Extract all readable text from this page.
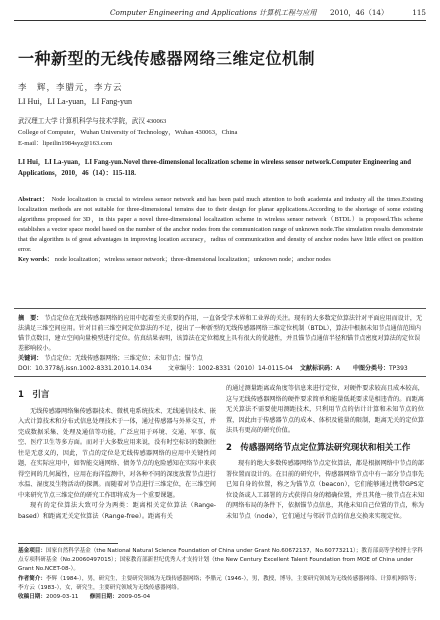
Computer Engineering and Applications 计算机工程与应用 2010，46（14）	115
一种新型的无线传感器网络三维定位机制
李　辉，李腊元，李方云
LI Hui，LI La-yuan，LI Fang-yun
武汉理工大学 计算机科学与技术学院，武汉 430063
College of Computer，Wuhan University of Technology，Wuhan 430063，China
E-mail：lipeilin1984syz@163.com
LI Hui，LI La-yuan，LI Fang-yun.Novel three-dimensional localization scheme in wireless sensor network.Computer Engineering and Applications，2010，46（14）：115-118.
Abstract： Node localization is crucial to wireless sensor network and has been paid much attention to both academia and industry all the times.Existing localization methods are not suitable for three-dimensional terrains due to their design for planar applications.According to the shortage of some existing algorithms proposed for 3D，in this paper a novel three-dimensional localization scheme in wireless sensor network（BTDL）is proposed.This scheme establishes a vector space model based on the number of the anchor nodes from the communication range of unknown node.The simulation results demonstrate that the algorithm is of great advantages in improving location accuracy，radius of communication and density of anchor nodes have little effect on position error.
Key words： node localization；wireless sensor network；three-dimensional localization；unknown node；anchor nodes
摘　要： 节点定位在无线传感器网络的应用中起着至关重要的作用，一直备受学术界和工业界的关注。现有的大多数定位算法针对平面应用而设计，无法满足三维空间应用。针对目前三维空间定位算法的不足，提出了一种新型的无线传感器网络三维定位机制（BTDL），算法中根据未知节点通信范围内锚节点数目，建立空间向量模型进行定位。仿真结果表明，该算法在定位精度上具有很大的优越性，并且锚节点通信半径和锚节点密度对算法的定位误差影响较小。
关键词： 节点定位；无线传感器网络；三维定位；未知节点；锚节点
DOI：10.3778/j.issn.1002-8331.2010.14.034	文章编号：1002-8331（2010）14-0115-04 文献标识码：A 中图分类号：TP393
1　引言

无线传感器网络集传感器技术、微机电系统技术、无线通信技术、嵌入式计算技术和分布式信息处理技术于一体，通过传感器与外界交互，并完成数据采集、处理及通信等功能，广泛应用于环境、交通、军事、航空、医疗卫生等多方面。而对于大多数应用来说，没有时空标识的数据往往是无意义的，因此，节点的定位是无线传感器网络的应用中关键性问题，在实际应用中，如智能交通网络、债务节点的危险感知在实际中来获得空间的几何属性，应用在海洋监测中，对各种不同的深度放置节点进行水温、湿度及生物活动的探测。而随着对节点进行三维定位，在三维空间中来研究节点三维定位的研究工作即将成为一个重要课题。

现有的定位算法大致可分为两类：距离相关定位算法（Range-based）和距离无关定位算法（Range-free）。距离有关

的通过测量距离或角度等信息来进行定位，对硬件要求较高且成本较高，这与无线传感器网络的硬件要求简单和能量低耗要求是相违背的。而距离无关算法不需要使用测距技术，只利用节点的估计计算和未知节点的位置，因此由于传感器节点的成本、体积及能量的限制，距离无关的定位算法具有更高的研究价值。

2　传感器网络节点定位算法研究现状和相关工作

现有的绝大多数传感器网络节点定位算法，都是根据网络中节点的部署位置而设计的。在目前的研究中，传感器网络节点中有一部分节点事先已知自身的位置，称之为锚节点（beacon），它们能够通过携带GPS定位设备或人工部署的方式获得自身的精确位置，并且其他一般节点在未知的网络布局的条件下，依据锚节点信息，其他未知自己位置的节点，称为未知节点（node），它们通过与邻居节点的信息交换来实现定位。

基金项目：国家自然科学基金（the National Natural Science Foundation of China under Grant No.60672137，No.60773211）；教育部高等学校博士学科点专项科研基金（No.20060497015）；国家教育部新世纪优秀人才支持计划（the New Century Excellent Talent Foundation from MOE of China under Grant No.NCET-08-）。
作者简介：李辉（1984-），男，研究生，主要研究领域为无线传感器网络；李腊元（1946-），男，教授，博导，主要研究领域为无线传感器网络、计算机网络等；李方云（1983-），女，研究生，主要研究领域为无线传感器网络。
收稿日期：2009-03-11　　 修回日期：2009-05-04
